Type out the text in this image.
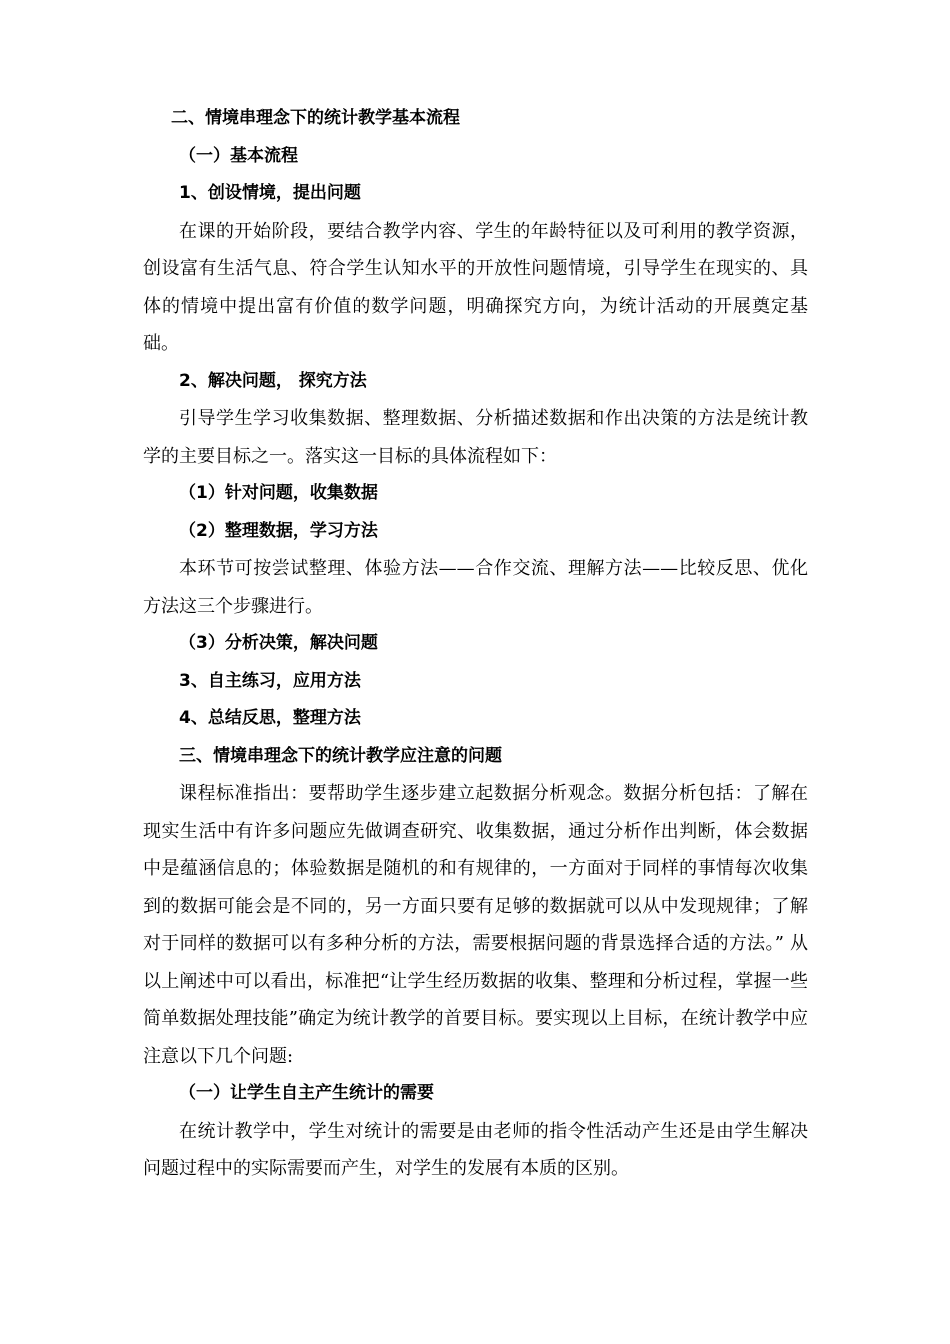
二、情境串理念下的统计教学基本流程
（一）基本流程
1、创设情境，提出问题
在课的开始阶段，要结合教学内容、学生的年龄特征以及可利用的教学资源，创设富有生活气息、符合学生认知水平的开放性问题情境，引导学生在现实的、具体的情境中提出富有价值的数学问题，明确探究方向，为统计活动的开展奠定基础。
2、解决问题， 探究方法
引导学生学习收集数据、整理数据、分析描述数据和作出决策的方法是统计教学的主要目标之一。落实这一目标的具体流程如下：
（1）针对问题，收集数据
（2）整理数据，学习方法
本环节可按尝试整理、体验方法——合作交流、理解方法——比较反思、优化方法这三个步骤进行。
（3）分析决策，解决问题
3、自主练习，应用方法
4、总结反思，整理方法
三、情境串理念下的统计教学应注意的问题
课程标准指出：要帮助学生逐步建立起数据分析观念。数据分析包括：了解在现实生活中有许多问题应先做调查研究、收集数据，通过分析作出判断，体会数据中是蕴涵信息的；体验数据是随机的和有规律的，一方面对于同样的事情每次收集到的数据可能会是不同的，另一方面只要有足够的数据就可以从中发现规律；了解对于同样的数据可以有多种分析的方法，需要根据问题的背景选择合适的方法。” 从以上阐述中可以看出，标准把“让学生经历数据的收集、整理和分析过程，掌握一些简单数据处理技能”确定为统计教学的首要目标。要实现以上目标，在统计教学中应注意以下几个问题:
（一）让学生自主产生统计的需要
在统计教学中，学生对统计的需要是由老师的指令性活动产生还是由学生解决问题过程中的实际需要而产生，对学生的发展有本质的区别。
